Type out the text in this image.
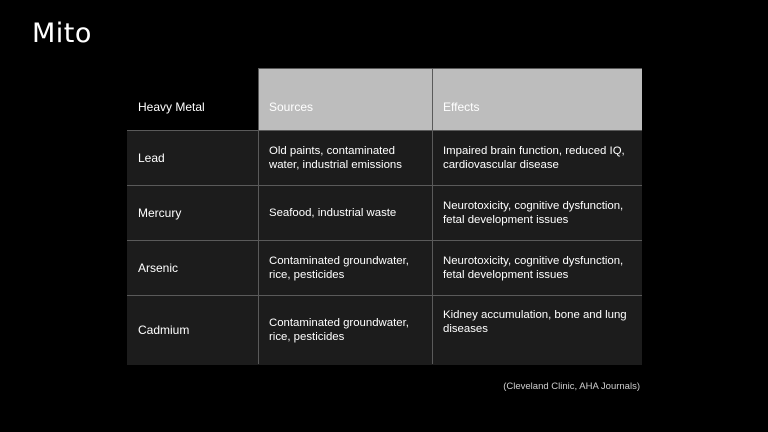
Mito
Heavy Metal	Sources	Effects
Lead	Old paints, contaminated water, industrial emissions	Impaired brain function, reduced IQ, cardiovascular disease
Mercury	Seafood, industrial waste	Neurotoxicity, cognitive dysfunction, fetal development issues
Arsenic	Contaminated groundwater, rice, pesticides	Neurotoxicity, cognitive dysfunction, fetal development issues
Cadmium	Contaminated groundwater, rice, pesticides	Kidney accumulation, bone and lung diseases
(Cleveland Clinic, AHA Journals)
